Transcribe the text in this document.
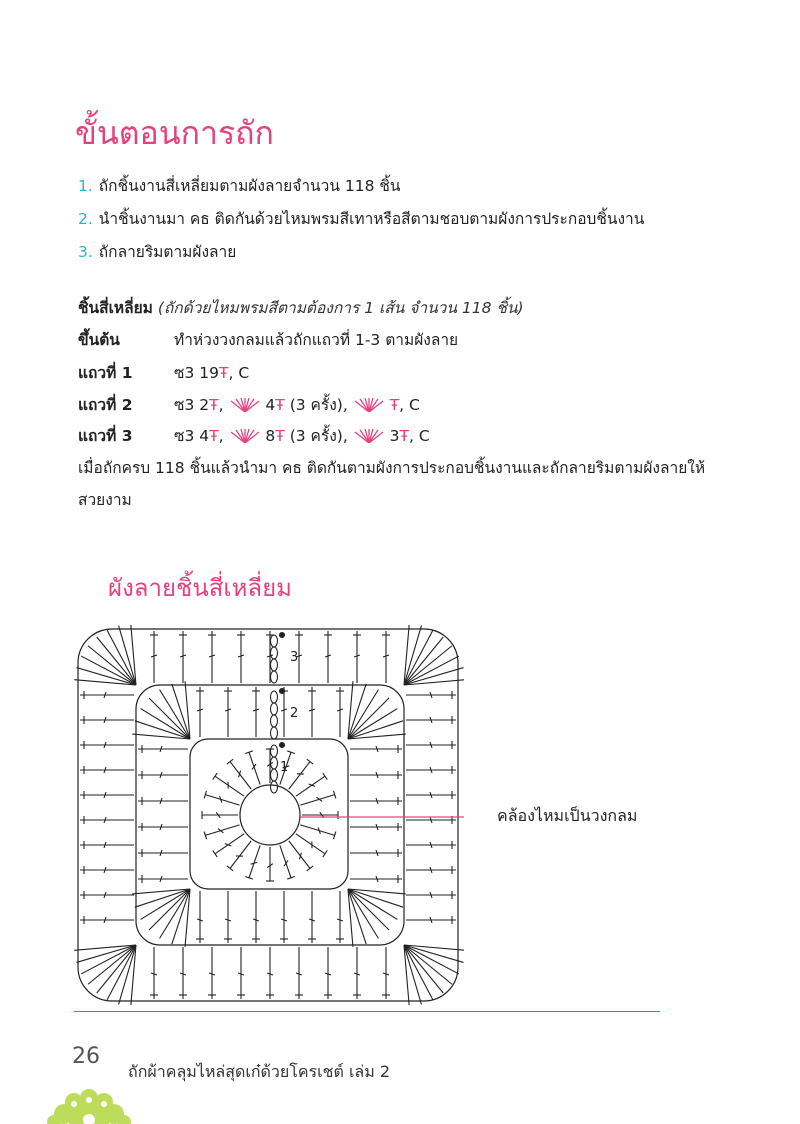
ขั้นตอนการถัก
1. ถักชิ้นงานสี่เหลี่ยมตามผังลายจำนวน 118 ชิ้น
2. นำชิ้นงานมา คธ ติดกันด้วยไหมพรมสีเทาหรือสีตามชอบตามผังการประกอบชิ้นงาน
3. ถักลายริมตามผังลาย
ชิ้นสี่เหลี่ยม (ถักด้วยไหมพรมสีตามต้องการ 1 เส้น จำนวน 118 ชิ้น)
ขึ้นต้น	ทำห่วงวงกลมแล้วถักแถวที่ 1-3 ตามผังลาย
แถวที่ 1	ซ3 19Ŧ, C
แถวที่ 2	ซ3 2Ŧ,  4Ŧ (3 ครั้ง),  Ŧ, C
แถวที่ 3	ซ3 4Ŧ,  8Ŧ (3 ครั้ง),  3Ŧ, C
เมื่อถักครบ 118 ชิ้นแล้วนำมา คธ ติดกันตามผังการประกอบชิ้นงานและถักลายริมตามผังลายให้สวยงาม
ผังลายชิ้นสี่เหลี่ยม
3
2
1
คล้องไหมเป็นวงกลม
26
ถักผ้าคลุมไหล่สุดเก๋ด้วยโครเชต์ เล่ม 2
